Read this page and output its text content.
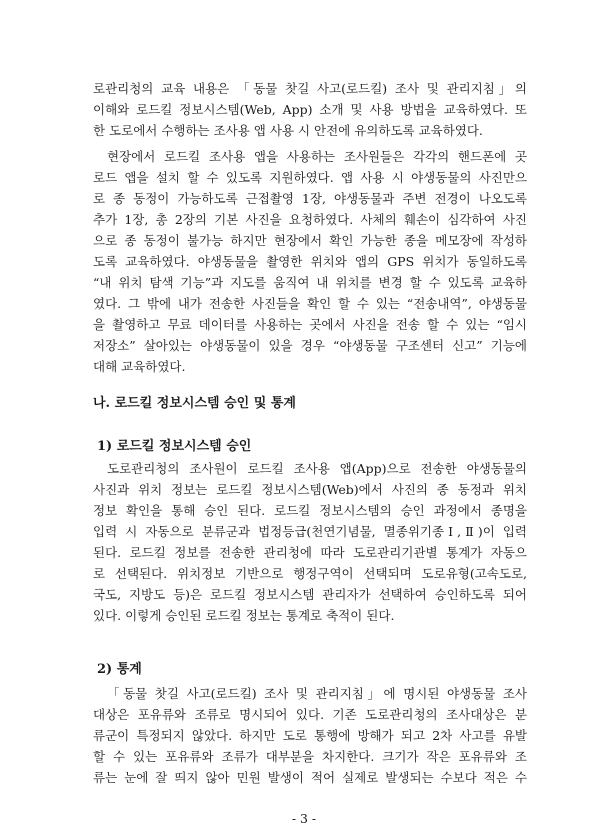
로관리청의 교육 내용은 「동물 찻길 사고(로드킬) 조사 및 관리지침」의
이해와 로드킬 정보시스템(Web, App) 소개 및 사용 방법을 교육하였다. 또
한 도로에서 수행하는 조사용 앱 사용 시 안전에 유의하도록 교육하였다.
현장에서 로드킬 조사용 앱을 사용하는 조사원들은 각각의 핸드폰에 곳
로드 앱을 설치 할 수 있도록 지원하였다. 앱 사용 시 야생동물의 사진만으
로 종 동정이 가능하도록 근접촬영 1장, 야생동물과 주변 전경이 나오도록
추가 1장, 총 2장의 기본 사진을 요청하였다. 사체의 훼손이 심각하여 사진
으로 종 동정이 불가능 하지만 현장에서 확인 가능한 종을 메모장에 작성하
도록 교육하였다. 야생동물을 촬영한 위치와 앱의 GPS 위치가 동일하도록
“내 위치 탐색 기능”과 지도를 움직여 내 위치를 변경 할 수 있도록 교육하
였다. 그 밖에 내가 전송한 사진들을 확인 할 수 있는 “전송내역”, 야생동물
을 촬영하고 무료 데이터를 사용하는 곳에서 사진을 전송 할 수 있는 “임시
저장소” 살아있는 야생동물이 있을 경우 “야생동물 구조센터 신고” 기능에
대해 교육하였다.
나. 로드킬 정보시스템 승인 및 통계
1) 로드킬 정보시스템 승인
도로관리청의 조사원이 로드킬 조사용 앱(App)으로 전송한 야생동물의
사진과 위치 정보는 로드킬 정보시스템(Web)에서 사진의 종 동정과 위치
정보 확인을 통해 승인 된다. 로드킬 정보시스템의 승인 과정에서 종명을
입력 시 자동으로 분류군과 법정등급(천연기념물, 멸종위기종Ⅰ,Ⅱ)이 입력
된다. 로드킬 정보를 전송한 관리청에 따라 도로관리기관별 통계가 자동으
로 선택된다. 위치정보 기반으로 행정구역이 선택되며 도로유형(고속도로,
국도, 지방도 등)은 로드킬 정보시스템 관리자가 선택하여 승인하도록 되어
있다. 이렇게 승인된 로드킬 정보는 통계로 축적이 된다.
2) 통계
「동물 찻길 사고(로드킬) 조사 및 관리지침」에 명시된 야생동물 조사
대상은 포유류와 조류로 명시되어 있다. 기존 도로관리청의 조사대상은 분
류군이 특정되지 않았다. 하지만 도로 통행에 방해가 되고 2차 사고를 유발
할 수 있는 포유류와 조류가 대부분을 차지한다. 크기가 작은 포유류와 조
류는 눈에 잘 띄지 않아 민원 발생이 적어 실제로 발생되는 수보다 적은 수
- 3 -
